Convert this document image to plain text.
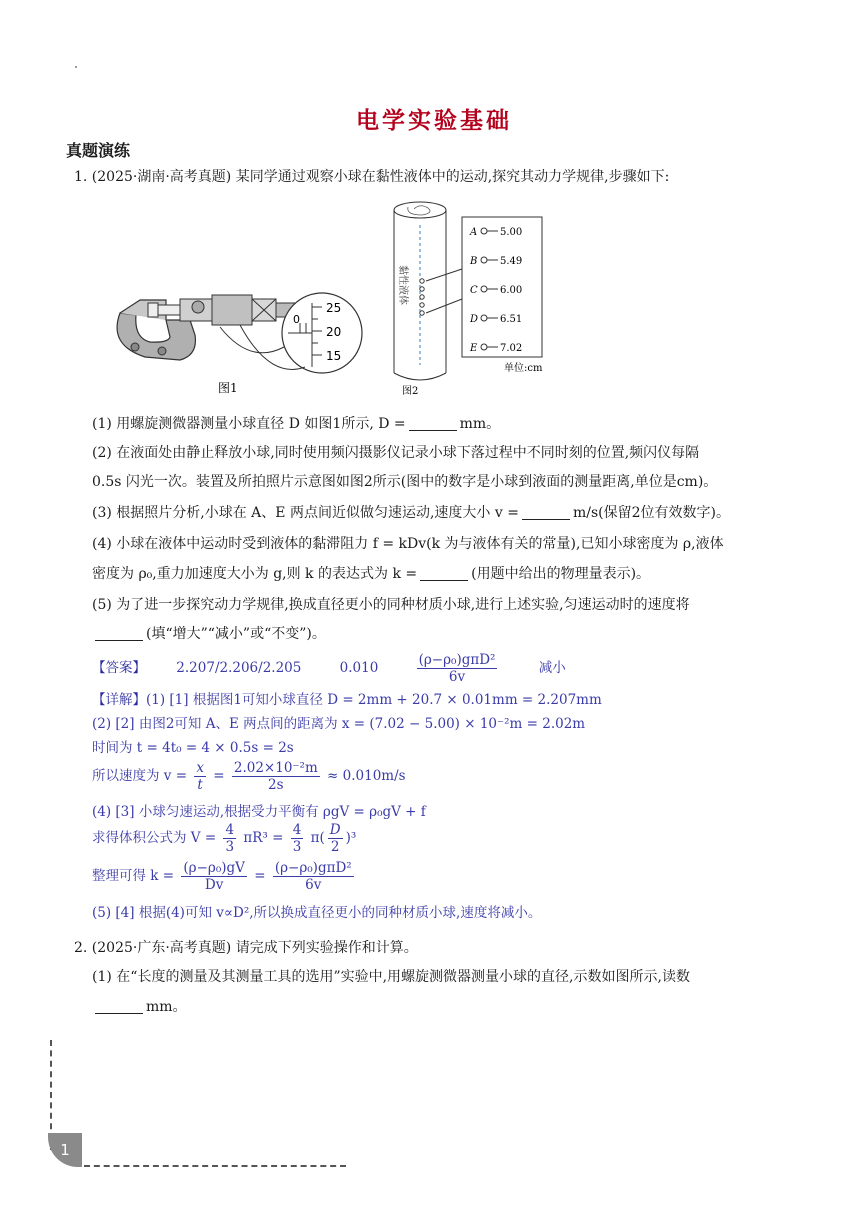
电学实验基础
真题演练
1. (2025·湖南·高考真题) 某同学通过观察小球在黏性液体中的运动,探究其动力学规律,步骤如下:
0
25
20
15
图1
黏性液体
A 5.00
B 5.49
C 6.00
D 6.51
E 7.02
图2
单位:cm
(1) 用螺旋测微器测量小球直径 D 如图1所示, D =	mm。
(2) 在液面处由静止释放小球,同时使用频闪摄影仪记录小球下落过程中不同时刻的位置,频闪仪每隔
0.5s 闪光一次。装置及所拍照片示意图如图2所示(图中的数字是小球到液面的测量距离,单位是cm)。
(3) 根据照片分析,小球在 A、E 两点间近似做匀速运动,速度大小 v =	m/s(保留2位有效数字)。
(4) 小球在液体中运动时受到液体的黏滞阻力 f = kDv(k 为与液体有关的常量),已知小球密度为 ρ,液体
密度为 ρ₀,重力加速度大小为 g,则 k 的表达式为 k =	(用题中给出的物理量表示)。
(5) 为了进一步探究动力学规律,换成直径更小的同种材质小球,进行上述实验,匀速运动时的速度将
(填“增大”“减小”或“不变”)。
【答案】 2.207/2.206/2.205	0.010	$\frac{\text{(ρ−ρ₀)gπD²}}{6v}$	减小
【详解】(1) [1] 根据图1可知小球直径 D = 2mm + 20.7 × 0.01mm = 2.207mm
(2) [2] 由图2可知 A、E 两点间的距离为 x = (7.02 − 5.00) × 10⁻²m = 2.02m
时间为 t = 4t₀ = 4 × 0.5s = 2s
所以速度为 $v = \frac{x}{t} = \frac{\text{2.02×10⁻²m}}{2s} \approx 0.010m/s$
(4) [3] 小球匀速运动,根据受力平衡有 ρgV = ρ₀gV + f
求得体积公式为 $V = \frac{4}{3} \pi R^3 = \frac{4}{3} \pi( \frac{D}{2} )^3$
整理可得 $k = \frac{\text{(ρ−ρ₀)gV}}{Dv} = \frac{\text{(ρ−ρ₀)gπD²}}{6v}$
(5) [4] 根据(4)可知 v∝D²,所以换成直径更小的同种材质小球,速度将减小。
2. (2025·广东·高考真题) 请完成下列实验操作和计算。
(1) 在“长度的测量及其测量工具的选用”实验中,用螺旋测微器测量小球的直径,示数如图所示,读数
mm。
1
